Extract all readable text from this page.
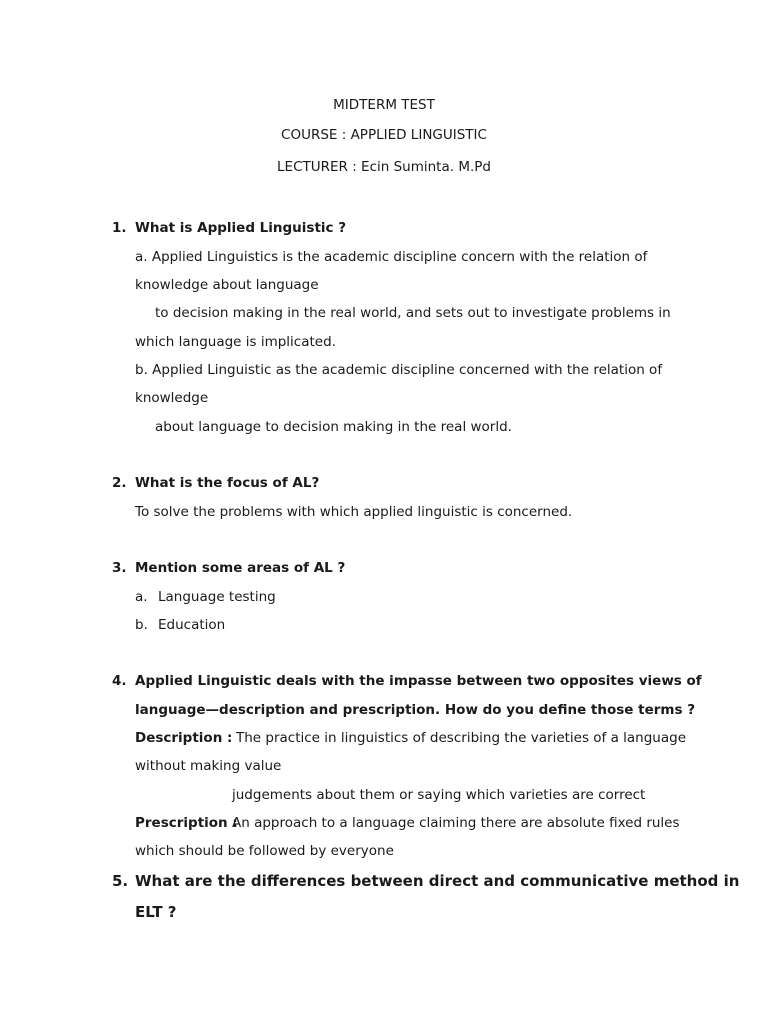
MIDTERM TEST
COURSE : APPLIED LINGUISTIC
LECTURER : Ecin Suminta. M.Pd
1. What is Applied Linguistic ?
a. Applied Linguistics is the academic discipline concern with the relation of
knowledge about language
to decision making in the real world, and sets out to investigate problems in
which language is implicated.
b. Applied Linguistic as the academic discipline concerned with the relation of
knowledge
about language to decision making in the real world.
2. What is the focus of AL?
To solve the problems with which applied linguistic is concerned.
3. Mention some areas of AL ?
a. Language testing
b. Education
4. Applied Linguistic deals with the impasse between two opposites views of
language—description and prescription. How do you define those terms ?
Description : The practice in linguistics of describing the varieties of a language
without making value
judgements about them or saying which varieties are correct
Prescription :
An approach to a language claiming there are absolute fixed rules
which should be followed by everyone
5. What are the differences between direct and communicative method in
ELT ?
